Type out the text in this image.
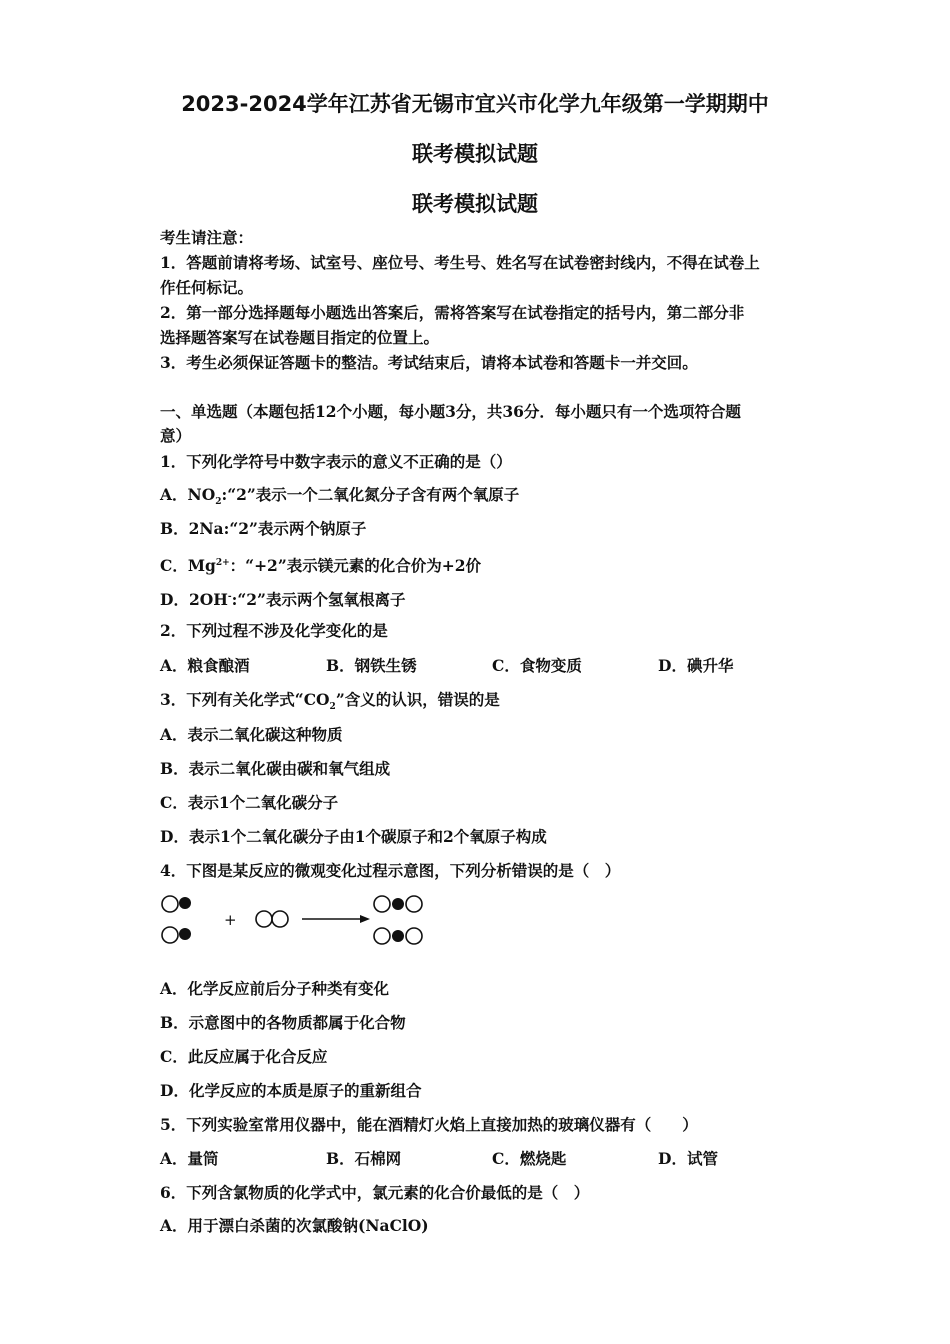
2023-2024学年江苏省无锡市宜兴市化学九年级第一学期期中
联考模拟试题
联考模拟试题
考生请注意：
1．答题前请将考场、试室号、座位号、考生号、姓名写在试卷密封线内，不得在试卷上
作任何标记。
2．第一部分选择题每小题选出答案后，需将答案写在试卷指定的括号内，第二部分非
选择题答案写在试卷题目指定的位置上。
3．考生必须保证答题卡的整洁。考试结束后，请将本试卷和答题卡一并交回。
一、单选题（本题包括12个小题，每小题3分，共36分．每小题只有一个选项符合题
意）
1．下列化学符号中数字表示的意义不正确的是（）
A．$NO_2:“2$”表示一个二氧化氮分子含有两个氧原子
B．2Na:“2”表示两个钠原子
C．$Mg^{2+}$：“+2”表示镁元素的化合价为+2价
D．2OH-:“2”表示两个氢氧根离子
2．下列过程不涉及化学变化的是
A．粮食酿酒	B．钢铁生锈	C．食物变质	D．碘升华
3．下列有关化学式“$CO_2$”含义的认识，错误的是
A．表示二氧化碳这种物质
B．表示二氧化碳由碳和氧气组成
C．表示1个二氧化碳分子
D．表示1个二氧化碳分子由1个碳原子和2个氧原子构成
4．下图是某反应的微观变化过程示意图，下列分析错误的是（　）
+
A．化学反应前后分子种类有变化
B．示意图中的各物质都属于化合物
C．此反应属于化合反应
D．化学反应的本质是原子的重新组合
5．下列实验室常用仪器中，能在酒精灯火焰上直接加热的玻璃仪器有（　　）
A．量筒	B．石棉网	C．燃烧匙	D．试管
6．下列含氯物质的化学式中，氯元素的化合价最低的是（　）
A．用于漂白杀菌的次氯酸钠(NaClO)
